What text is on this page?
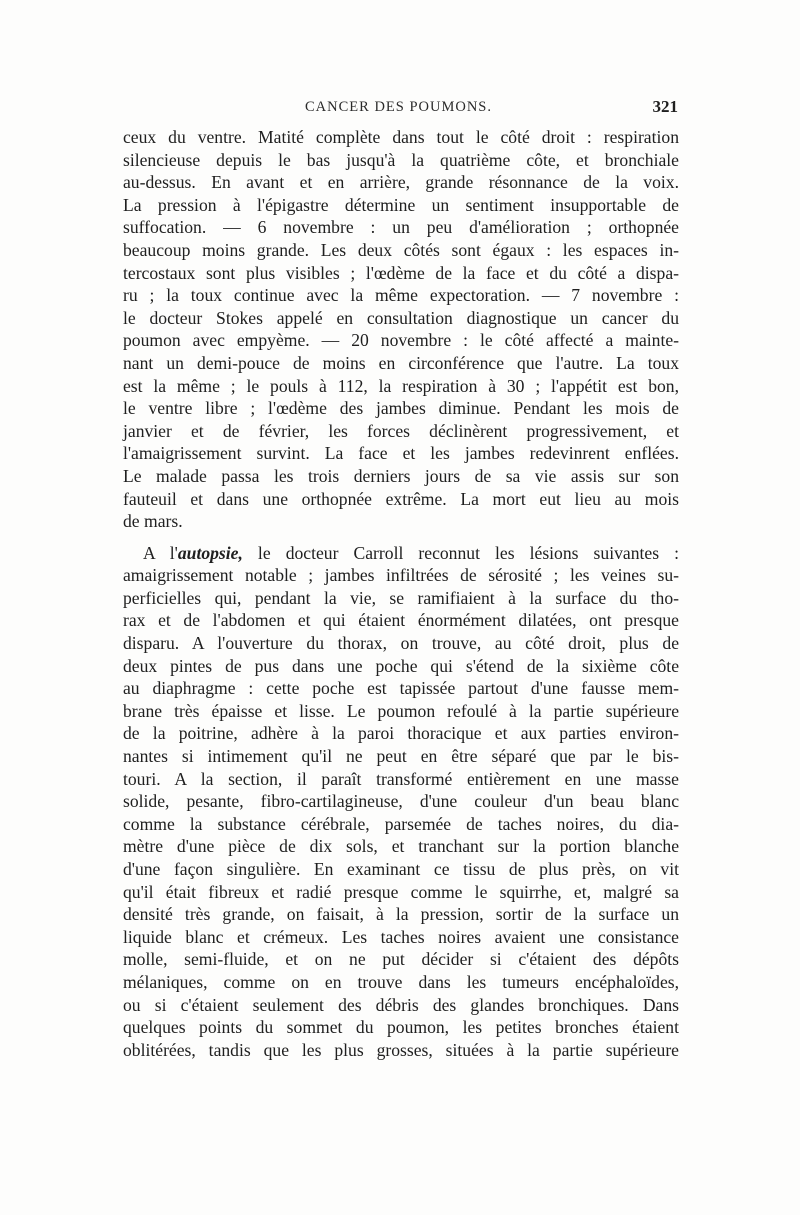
CANCER DES POUMONS.	321
ceux du ventre. Matité complète dans tout le côté droit : respiration
silencieuse depuis le bas jusqu'à la quatrième côte, et bronchiale
au-dessus. En avant et en arrière, grande résonnance de la voix.
La pression à l'épigastre détermine un sentiment insupportable de
suffocation. — 6 novembre : un peu d'amélioration ; orthopnée
beaucoup moins grande. Les deux côtés sont égaux : les espaces in-
tercostaux sont plus visibles ; l'œdème de la face et du côté a dispa-
ru ; la toux continue avec la même expectoration. — 7 novembre :
le docteur Stokes appelé en consultation diagnostique un cancer du
poumon avec empyème. — 20 novembre : le côté affecté a mainte-
nant un demi-pouce de moins en circonférence que l'autre. La toux
est la même ; le pouls à 112, la respiration à 30 ; l'appétit est bon,
le ventre libre ; l'œdème des jambes diminue. Pendant les mois de
janvier et de février, les forces déclinèrent progressivement, et
l'amaigrissement survint. La face et les jambes redevinrent enflées.
Le malade passa les trois derniers jours de sa vie assis sur son
fauteuil et dans une orthopnée extrême. La mort eut lieu au mois
de mars.
A l'autopsie, le docteur Carroll reconnut les lésions suivantes :
amaigrissement notable ; jambes infiltrées de sérosité ; les veines su-
perficielles qui, pendant la vie, se ramifiaient à la surface du tho-
rax et de l'abdomen et qui étaient énormément dilatées, ont presque
disparu. A l'ouverture du thorax, on trouve, au côté droit, plus de
deux pintes de pus dans une poche qui s'étend de la sixième côte
au diaphragme : cette poche est tapissée partout d'une fausse mem-
brane très épaisse et lisse. Le poumon refoulé à la partie supérieure
de la poitrine, adhère à la paroi thoracique et aux parties environ-
nantes si intimement qu'il ne peut en être séparé que par le bis-
touri. A la section, il paraît transformé entièrement en une masse
solide, pesante, fibro-cartilagineuse, d'une couleur d'un beau blanc
comme la substance cérébrale, parsemée de taches noires, du dia-
mètre d'une pièce de dix sols, et tranchant sur la portion blanche
d'une façon singulière. En examinant ce tissu de plus près, on vit
qu'il était fibreux et radié presque comme le squirrhe, et, malgré sa
densité très grande, on faisait, à la pression, sortir de la surface un
liquide blanc et crémeux. Les taches noires avaient une consistance
molle, semi-fluide, et on ne put décider si c'étaient des dépôts
mélaniques, comme on en trouve dans les tumeurs encéphaloïdes,
ou si c'étaient seulement des débris des glandes bronchiques. Dans
quelques points du sommet du poumon, les petites bronches étaient
oblitérées, tandis que les plus grosses, situées à la partie supérieure
